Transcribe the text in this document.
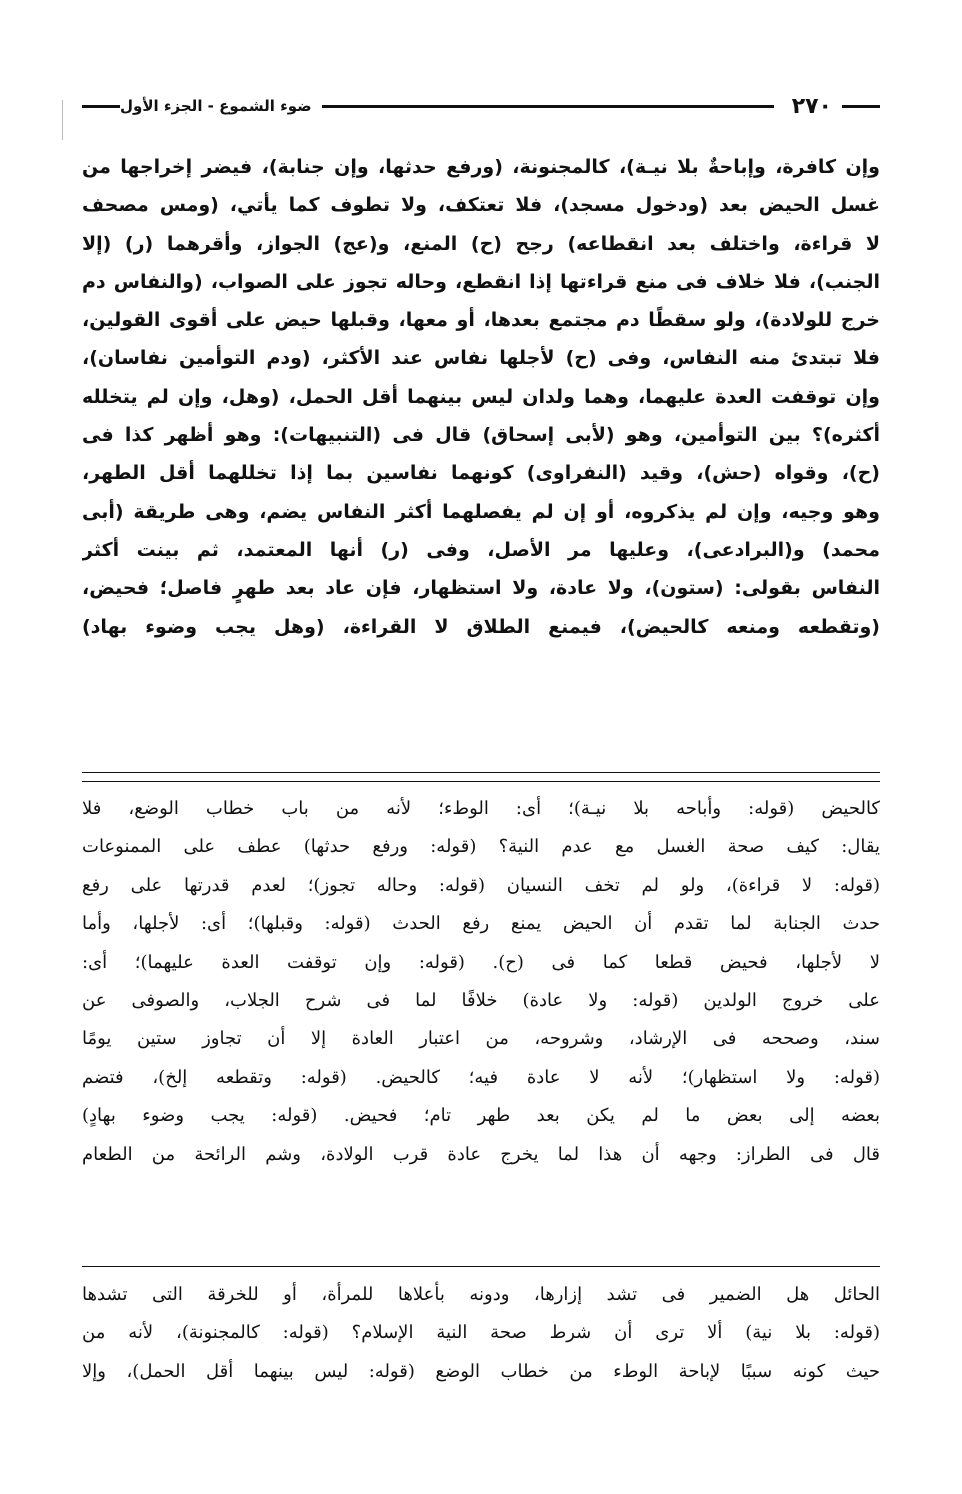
٢٧٠
ضوء الشموع - الجزء الأول
وإن كافرة، وإباحةٌ بلا نيـة)، كالمجنونة، (ورفع حدثها، وإن جنابة)، فيضر إخراجها من
غسل الحيض بعد (ودخول مسجد)، فلا تعتكف، ولا تطوف كما يأتي، (ومس مصحف
لا قراءة، واختلف بعد انقطاعه) رجح (ح) المنع، و(عج) الجواز، وأقرهما (ر) (إلا
الجنب)، فلا خلاف فى منع قراءتها إذا انقطع، وحاله تجوز على الصواب، (والنفاس دم
خرج للولادة)، ولو سقطًا دم مجتمع بعدها، أو معها، وقبلها حيض على أقوى القولين،
فلا تبتدئ منه النفاس، وفى (ح) لأجلها نفاس عند الأكثر، (ودم التوأمين نفاسان)،
وإن توقفت العدة عليهما، وهما ولدان ليس بينهما أقل الحمل، (وهل، وإن لم يتخلله
أكثره)؟ بين التوأمين، وهو (لأبى إسحاق) قال فى (التنبيهات): وهو أظهر كذا فى
(ح)، وقواه (حش)، وقيد (النفراوى) كونهما نفاسين بما إذا تخللهما أقل الطهر،
وهو وجيه، وإن لم يذكروه، أو إن لم يفصلهما أكثر النفاس يضم، وهى طريقة (أبى
محمد) و(البرادعى)، وعليها مر الأصل، وفى (ر) أنها المعتمد، ثم بينت أكثر
النفاس بقولى: (ستون)، ولا عادة، ولا استظهار، فإن عاد بعد طهرٍ فاصل؛ فحيض،
(وتقطعه ومنعه كالحيض)، فيمنع الطلاق لا القراءة، (وهل يجب وضوء بهاد)
كالحيض (قوله: وأباحه بلا نيـة)؛ أى: الوطء؛ لأنه من باب خطاب الوضع، فلا
يقال: كيف صحة الغسل مع عدم النية؟ (قوله: ورفع حدثها) عطف على الممنوعات
(قوله: لا قراءة)، ولو لم تخف النسيان (قوله: وحاله تجوز)؛ لعدم قدرتها على رفع
حدث الجنابة لما تقدم أن الحيض يمنع رفع الحدث (قوله: وقبلها)؛ أى: لأجلها، وأما
لا لأجلها، فحيض قطعا كما فى (ح). (قوله: وإن توقفت العدة عليهما)؛ أى:
على خروج الولدين (قوله: ولا عادة) خلافًا لما فى شرح الجلاب، والصوفى عن
سند، وصححه فى الإرشاد، وشروحه، من اعتبار العادة إلا أن تجاوز ستين يومًا
(قوله: ولا استظهار)؛ لأنه لا عادة فيه؛ كالحيض. (قوله: وتقطعه إلخ)، فتضم
بعضه إلى بعض ما لم يكن بعد طهر تام؛ فحيض. (قوله: يجب وضوء بهادٍ)
قال فى الطراز: وجهه أن هذا لما يخرج عادة قرب الولادة، وشم الرائحة من الطعام
الحائل هل الضمير فى تشد إزارها، ودونه بأعلاها للمرأة، أو للخرقة التى تشدها
(قوله: بلا نية) ألا ترى أن شرط صحة النية الإسلام؟ (قوله: كالمجنونة)، لأنه من
حيث كونه سببًا لإباحة الوطء من خطاب الوضع (قوله: ليس بينهما أقل الحمل)، وإلا
